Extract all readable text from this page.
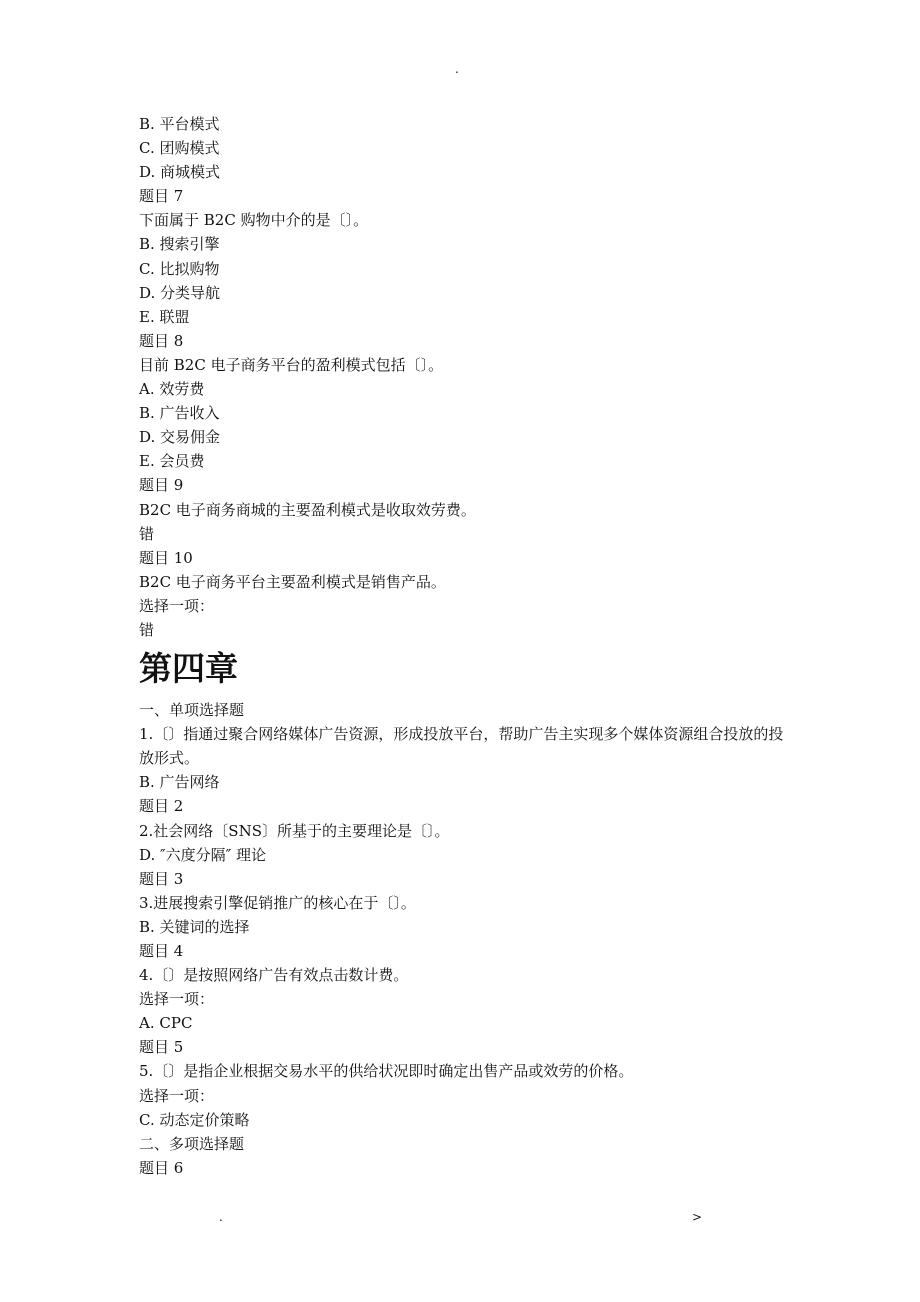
.
B. 平台模式
C. 团购模式
D. 商城模式
题目 7
下面属于 B2C 购物中介的是〔〕。
B. 搜索引擎
C. 比拟购物
D. 分类导航
E. 联盟
题目 8
目前 B2C 电子商务平台的盈利模式包括〔〕。
A. 效劳费
B. 广告收入
D. 交易佣金
E. 会员费
题目 9
B2C 电子商务商城的主要盈利模式是收取效劳费。
错
题目 10
B2C 电子商务平台主要盈利模式是销售产品。
选择一项：
错
第四章
一、单项选择题
1.〔〕指通过聚合网络媒体广告资源，形成投放平台，帮助广告主实现多个媒体资源组合投放的投放形式。
B. 广告网络
题目 2
2.社会网络〔SNS〕所基于的主要理论是〔〕。
D. ″六度分隔″ 理论
题目 3
3.进展搜索引擎促销推广的核心在于〔〕。
B. 关键词的选择
题目 4
4.〔〕是按照网络广告有效点击数计费。
选择一项：
A. CPC
题目 5
5.〔〕是指企业根据交易水平的供给状况即时确定出售产品或效劳的价格。
选择一项：
C. 动态定价策略
二、多项选择题
题目 6
.	>
